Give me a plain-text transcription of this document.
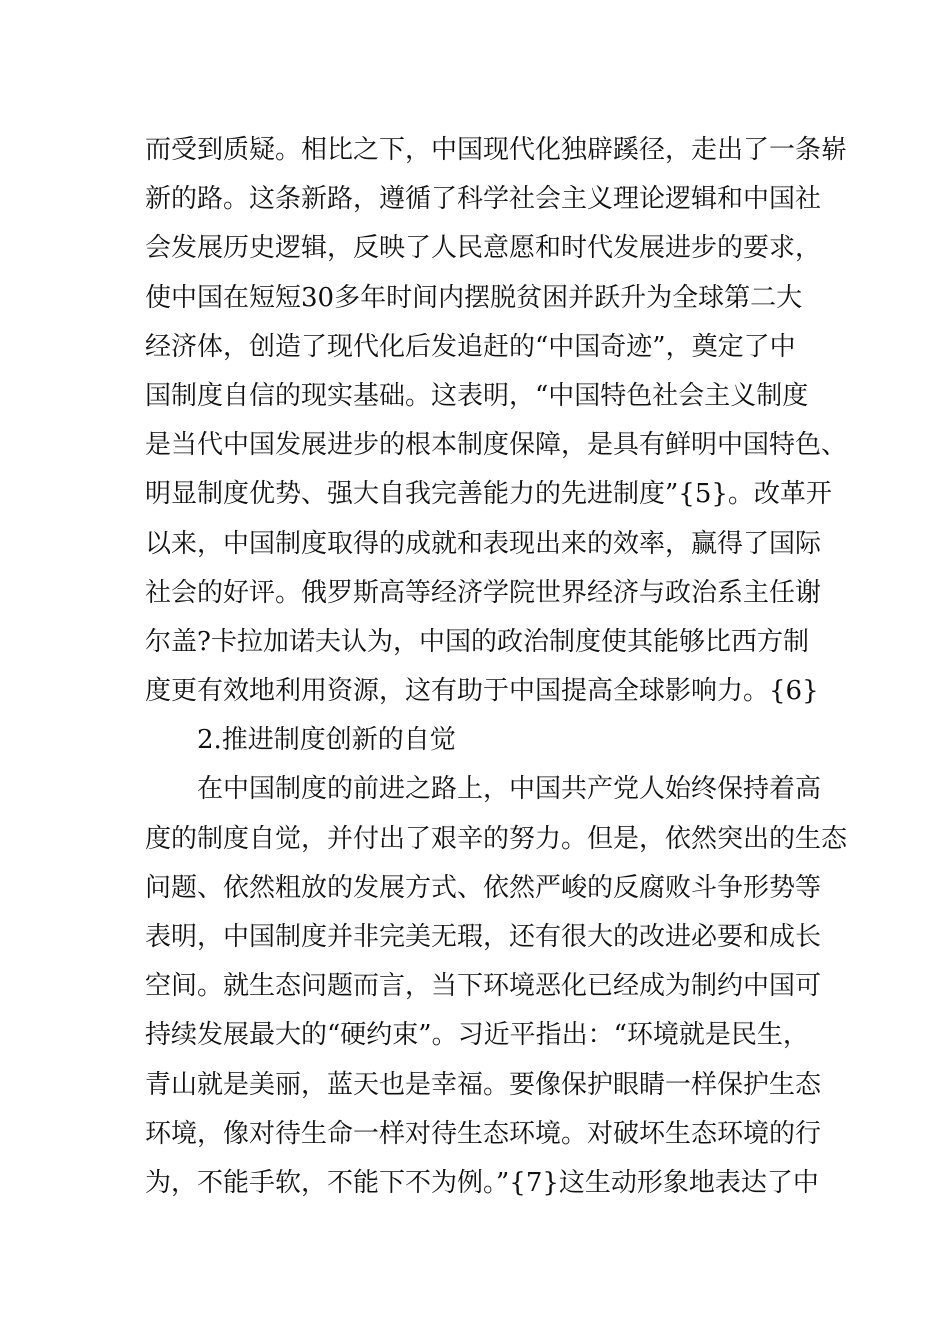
而受到质疑。相比之下，中国现代化独辟蹊径，走出了一条崭
新的路。这条新路，遵循了科学社会主义理论逻辑和中国社
会发展历史逻辑，反映了人民意愿和时代发展进步的要求，
使中国在短短30多年时间内摆脱贫困并跃升为全球第二大
经济体，创造了现代化后发追赶的“中国奇迹”，奠定了中
国制度自信的现实基础。这表明，“中国特色社会主义制度
是当代中国发展进步的根本制度保障，是具有鲜明中国特色、
明显制度优势、强大自我完善能力的先进制度”{5}。改革开
以来，中国制度取得的成就和表现出来的效率，赢得了国际
社会的好评。俄罗斯高等经济学院世界经济与政治系主任谢
尔盖?卡拉加诺夫认为，中国的政治制度使其能够比西方制
度更有效地利用资源，这有助于中国提高全球影响力。{6}
2.推进制度创新的自觉
在中国制度的前进之路上，中国共产党人始终保持着高
度的制度自觉，并付出了艰辛的努力。但是，依然突出的生态
问题、依然粗放的发展方式、依然严峻的反腐败斗争形势等
表明，中国制度并非完美无瑕，还有很大的改进必要和成长
空间。就生态问题而言，当下环境恶化已经成为制约中国可
持续发展最大的“硬约束”。习近平指出：“环境就是民生，
青山就是美丽，蓝天也是幸福。要像保护眼睛一样保护生态
环境，像对待生命一样对待生态环境。对破坏生态环境的行
为，不能手软，不能下不为例。”{7}这生动形象地表达了中
